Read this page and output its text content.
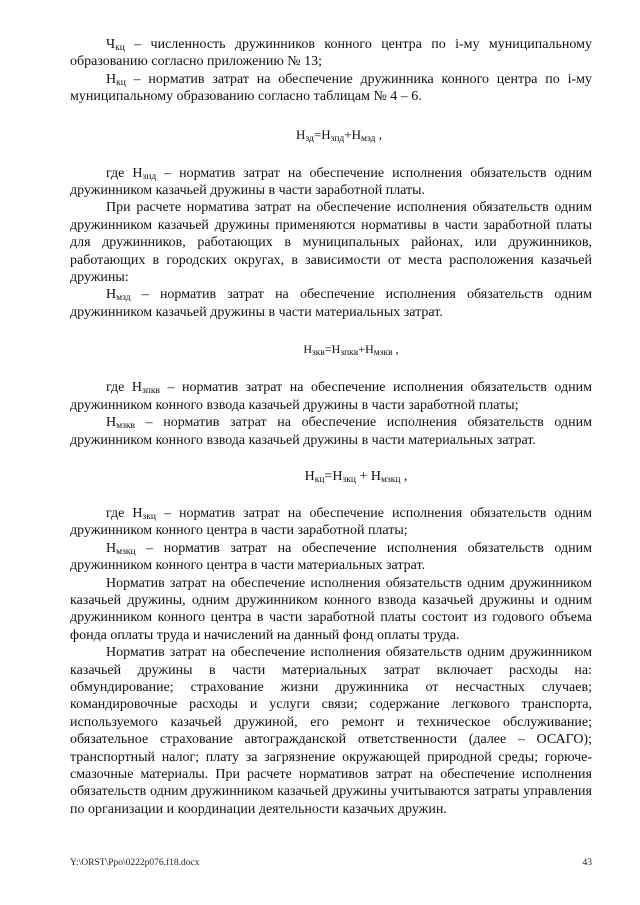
$Ч_{кц}$ – численность дружинников конного центра по i-му муниципальному образованию согласно приложению № 13;

$Н_{кц}$ – норматив затрат на обеспечение дружинника конного центра по i-му муниципальному образованию согласно таблицам № 4 – 6.

$Н_{зд}=Н_{зпд}+Н_{мзд}$ ,

где $Н_{зпд}$ – норматив затрат на обеспечение исполнения обязательств одним дружинником казачьей дружины в части заработной платы.

При расчете норматива затрат на обеспечение исполнения обязательств одним дружинником казачьей дружины применяются нормативы в части заработной платы для дружинников, работающих в муниципальных районах, или дружинников, работающих в городских округах, в зависимости от места расположения казачьей дружины:

$Н_{мзд}$ – норматив затрат на обеспечение исполнения обязательств одним дружинником казачьей дружины в части материальных затрат.

$Н_{зкв}=Н_{зпкв}+Н_{мзкв}$ ,

где $Н_{зпкв}$ – норматив затрат на обеспечение исполнения обязательств одним дружинником конного взвода казачьей дружины в части заработной платы;

$Н_{мзкв}$ – норматив затрат на обеспечение исполнения обязательств одним дружинником конного взвода казачьей дружины в части материальных затрат.

$Н_{кц}=Н_{зкц} + Н_{мзкц}$ ,

где $Н_{зкц}$ – норматив затрат на обеспечение исполнения обязательств одним дружинником конного центра в части заработной платы;

$Н_{мзкц}$ – норматив затрат на обеспечение исполнения обязательств одним дружинником конного центра в части материальных затрат.

Норматив затрат на обеспечение исполнения обязательств одним дружинником казачьей дружины, одним дружинником конного взвода казачьей дружины и одним дружинником конного центра в части заработной платы состоит из годового объема фонда оплаты труда и начислений на данный фонд оплаты труда.

Норматив затрат на обеспечение исполнения обязательств одним дружинником казачьей дружины в части материальных затрат включает расходы на: обмундирование; страхование жизни дружинника от несчастных случаев; командировочные расходы и услуги связи; содержание легкового транспорта, используемого казачьей дружиной, его ремонт и техническое обслуживание; обязательное страхование автогражданской ответственности (далее – ОСАГО); транспортный налог; плату за загрязнение окружающей природной среды; горюче-смазочные материалы. При расчете нормативов затрат на обеспечение исполнения обязательств одним дружинником казачьей дружины учитываются затраты управления по организации и координации деятельности казачьих дружин.

Y:\ORST\Ppo\0222p076.f18.docx	43
